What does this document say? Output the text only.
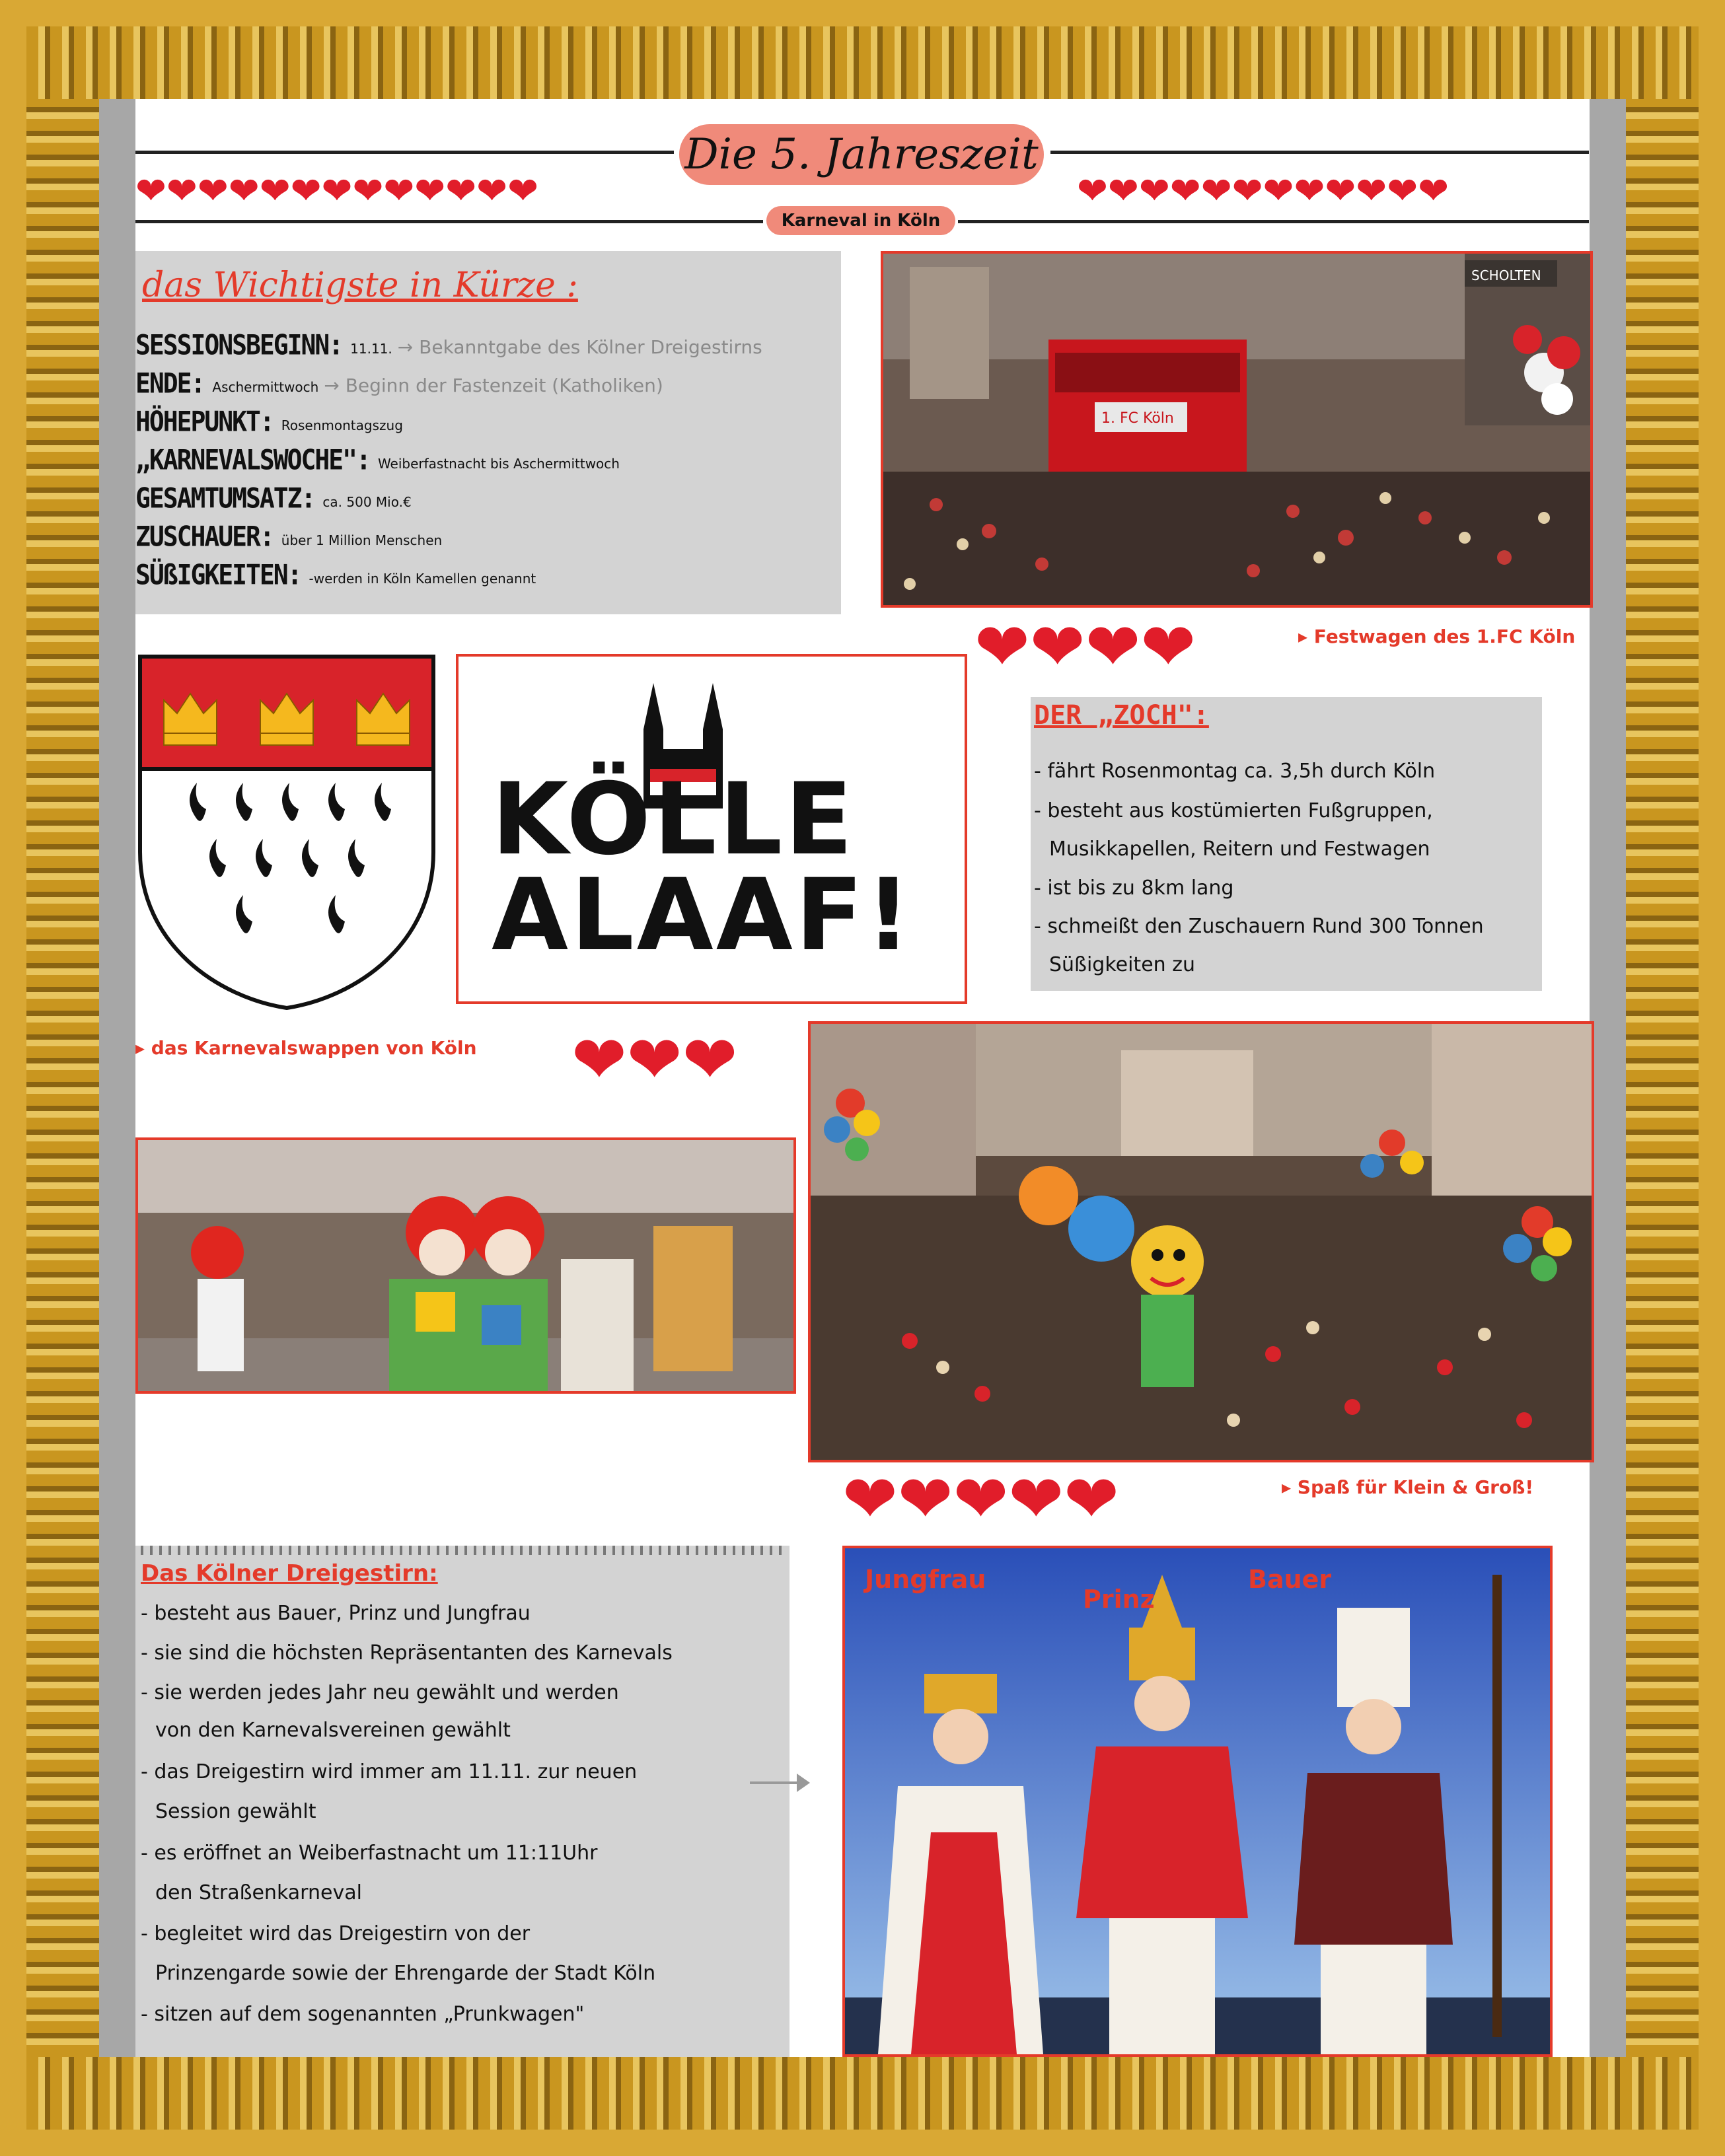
Die 5. Jahreszeit
❤❤❤❤❤❤❤❤❤❤❤❤❤	❤❤❤❤❤❤❤❤❤❤❤❤
Karneval in Köln
das Wichtigste in Kürze :
SESSIONSBEGINN: 11.11. → Bekanntgabe des Kölner Dreigestirns
ENDE: Aschermittwoch → Beginn der Fastenzeit (Katholiken)
HÖHEPUNKT: Rosenmontagszug
„KARNEVALSWOCHE": Weiberfastnacht bis Aschermittwoch
GESAMTUMSATZ: ca. 500 Mio.€
ZUSCHAUER: über 1 Million Menschen
SÜßIGKEITEN: -werden in Köln Kamellen genannt
SCHOLTEN
1. FC Köln
❤❤❤❤	▸ Festwagen des 1.FC Köln
KÖLLE
ALAAF!
DER „ZOCH":
- fährt Rosenmontag ca. 3,5h durch Köln
- besteht aus kostümierten Fußgruppen,
Musikkapellen, Reitern und Festwagen
- ist bis zu 8km lang
- schmeißt den Zuschauern Rund 300 Tonnen
Süßigkeiten zu
▸ das Karnevalswappen von Köln ❤❤❤
❤❤❤❤❤	▸ Spaß für Klein & Groß!
Das Kölner Dreigestirn:
- besteht aus Bauer, Prinz und Jungfrau
- sie sind die höchsten Repräsentanten des Karnevals
- sie werden jedes Jahr neu gewählt und werden
von den Karnevalsvereinen gewählt
- das Dreigestirn wird immer am 11.11. zur neuen
Session gewählt
- es eröffnet an Weiberfastnacht um 11:11Uhr
den Straßenkarneval
- begleitet wird das Dreigestirn von der
Prinzengarde sowie der Ehrengarde der Stadt Köln
- sitzen auf dem sogenannten „Prunkwagen"
Jungfrau
Prinz
Bauer
